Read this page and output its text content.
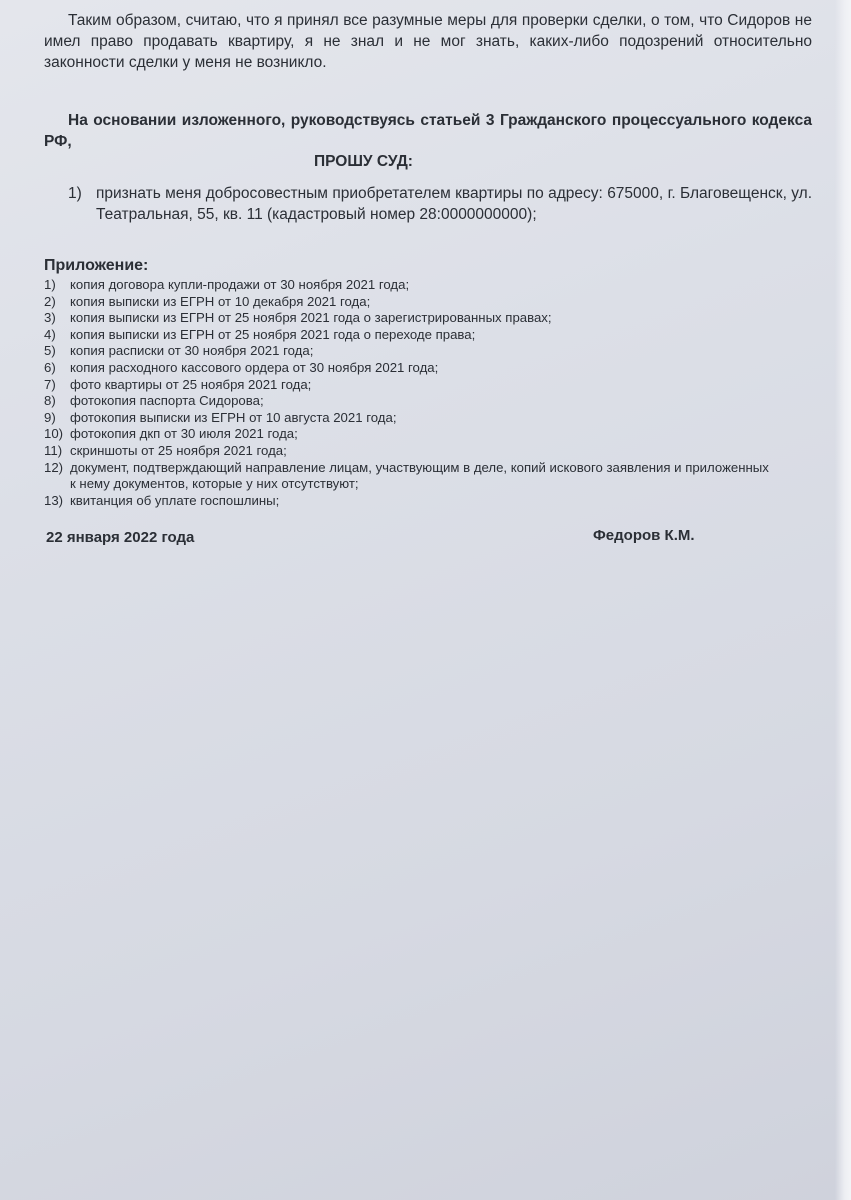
Таким образом, считаю, что я принял все разумные меры для проверки сделки, о том, что Сидоров не имел право продавать квартиру, я не знал и не мог знать, каких-либо подозрений относительно законности сделки у меня не возникло.

На основании изложенного, руководствуясь статьей 3 Гражданского процессуального кодекса РФ,

ПРОШУ СУД:

1) признать меня добросовестным приобретателем квартиры по адресу: 675000, г. Благовещенск, ул. Театральная, 55, кв. 11 (кадастровый номер 28:0000000000);

Приложение:

1)	копия договора купли-продажи от 30 ноября 2021 года;
2)	копия выписки из ЕГРН от 10 декабря 2021 года;
3)	копия выписки из ЕГРН от 25 ноября 2021 года о зарегистрированных правах;
4)	копия выписки из ЕГРН от 25 ноября 2021 года о переходе права;
5)	копия расписки от 30 ноября 2021 года;
6)	копия расходного кассового ордера от 30 ноября 2021 года;
7)	фото квартиры от 25 ноября 2021 года;
8)	фотокопия паспорта Сидорова;
9)	фотокопия выписки из ЕГРН от 10 августа 2021 года;
10) фотокопия дкп от 30 июля 2021 года;
11) скриншоты от 25 ноября 2021 года;
12) документ, подтверждающий направление лицам, участвующим в деле, копий искового заявления и приложенных к нему документов, которые у них отсутствуют;
13) квитанция об уплате госпошлины;
22 января 2022 года	Федоров К.М.
